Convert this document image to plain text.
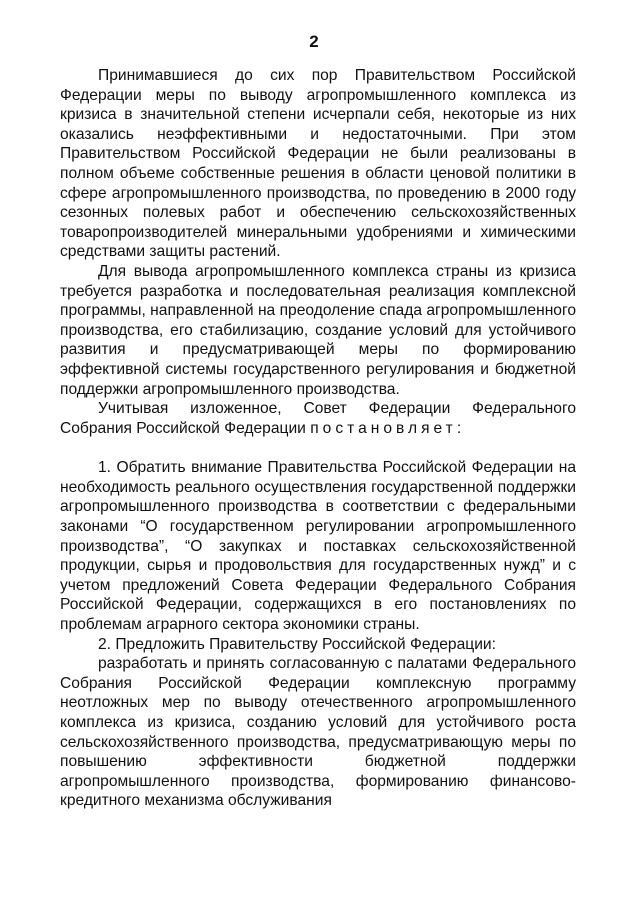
2

Принимавшиеся до сих пор Правительством Российской Федерации меры по выводу агропромышленного комплекса из кризиса в значительной степени исчерпали себя, некоторые из них оказались неэффективными и недостаточными. При этом Правительством Российской Федерации не были реализованы в полном объеме собственные решения в области ценовой политики в сфере агропромышленного производства, по проведению в 2000 году сезонных полевых работ и обеспечению сельскохозяйственных товаропроизводителей минеральными удобрениями и химическими средствами защиты растений.

Для вывода агропромышленного комплекса страны из кризиса требуется разработка и последовательная реализация комплексной программы, направленной на преодоление спада агропромышленного производства, его стабилизацию, создание условий для устойчивого развития и предусматривающей меры по формированию эффективной системы государственного регулирования и бюджетной поддержки агропромышленного производства.

Учитывая изложенное, Совет Федерации Федерального Собрания Российской Федерации постановляет:

1. Обратить внимание Правительства Российской Федерации на необходимость реального осуществления государственной поддержки агропромышленного производства в соответствии с федеральными законами “О государственном регулировании агропромышленного производства”, “О закупках и поставках сельскохозяйственной продукции, сырья и продовольствия для государственных нужд” и с учетом предложений Совета Федерации Федерального Собрания Российской Федерации, содержащихся в его постановлениях по проблемам аграрного сектора экономики страны.

2. Предложить Правительству Российской Федерации:

разработать и принять согласованную с палатами Федерального Собрания Российской Федерации комплексную программу неотложных мер по выводу отечественного агропромышленного комплекса из кризиса, созданию условий для устойчивого роста сельскохозяйственного производства, предусматривающую меры по повышению эффективности бюджетной поддержки агропромышленного производства, формированию финансово-кредитного механизма обслуживания
